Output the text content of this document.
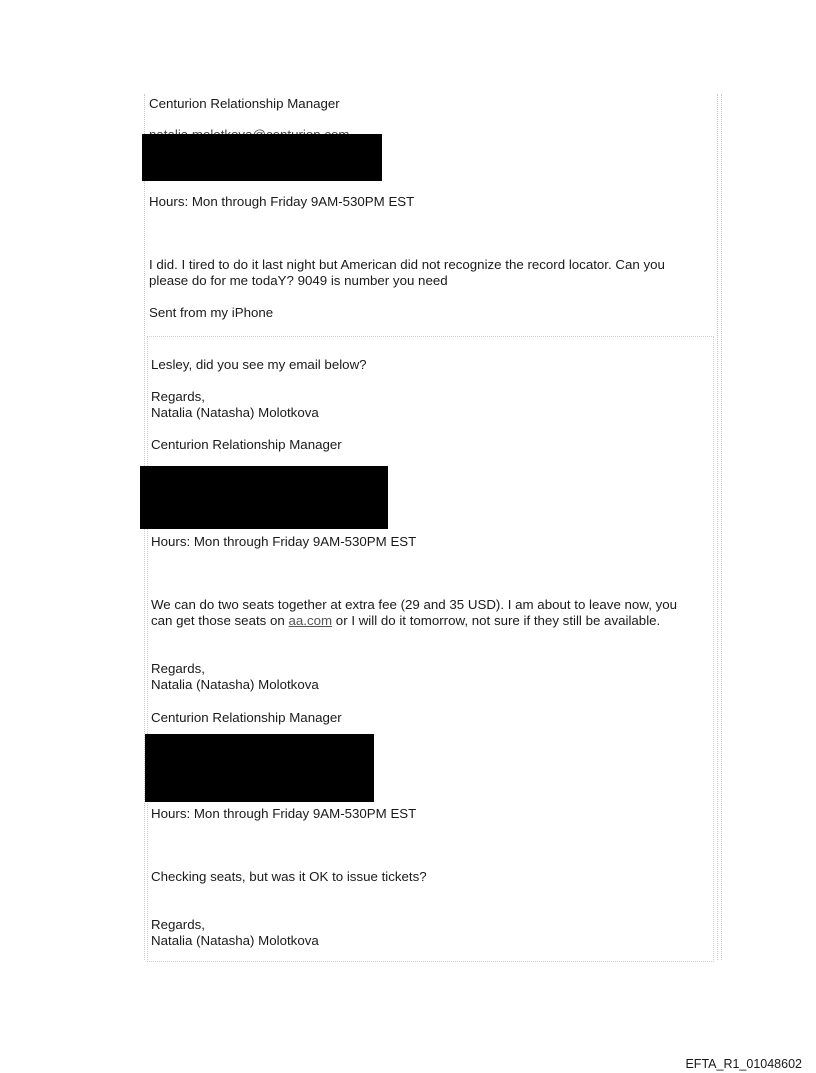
Centurion Relationship Manager
Hours: Mon through Friday 9AM-530PM EST
I did. I tired to do it last night but American did not recognize the record locator. Can you
please do for me todaY? 9049 is number you need
Sent from my iPhone
Lesley, did you see my email below?
Regards,
Natalia (Natasha) Molotkova
Centurion Relationship Manager
Hours: Mon through Friday 9AM-530PM EST
We can do two seats together at extra fee (29 and 35 USD). I am about to leave now, you
can get those seats on aa.com or I will do it tomorrow, not sure if they still be available.
Regards,
Natalia (Natasha) Molotkova
Centurion Relationship Manager
Hours: Mon through Friday 9AM-530PM EST
Checking seats, but was it OK to issue tickets?
Regards,
Natalia (Natasha) Molotkova
EFTA_R1_01048602
